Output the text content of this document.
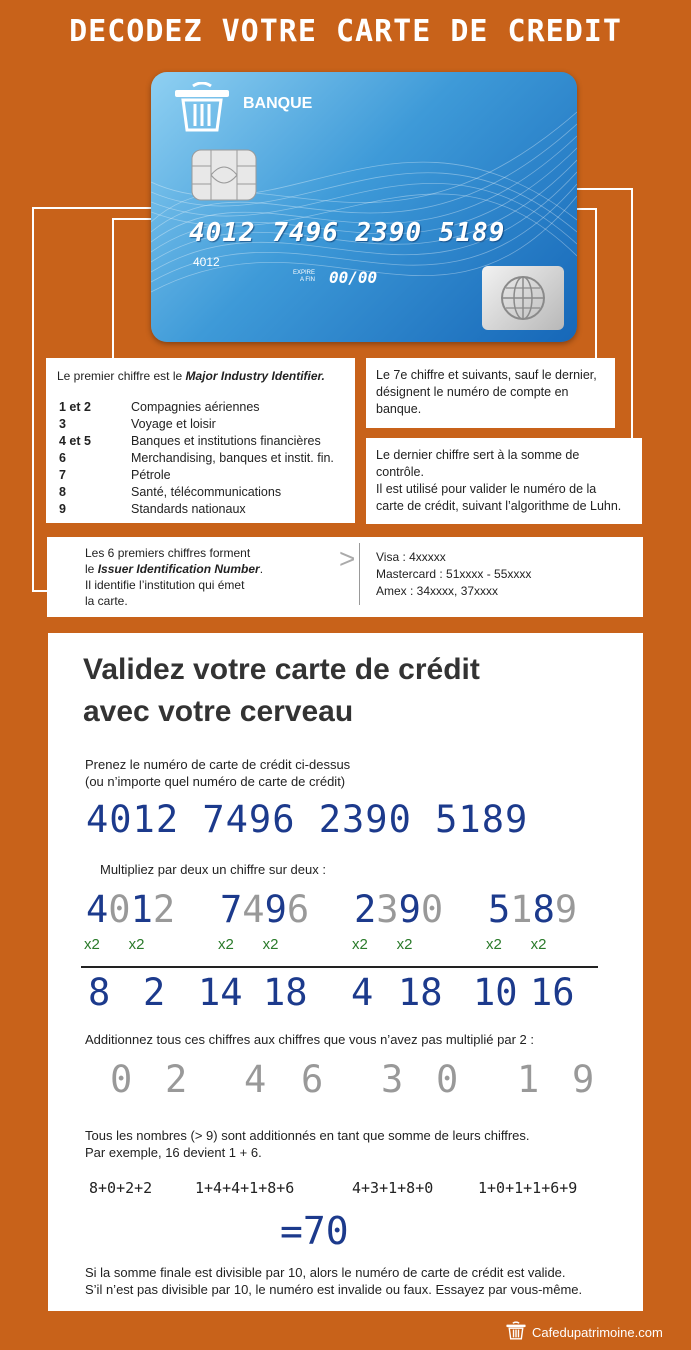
DECODEZ VOTRE CARTE DE CREDIT
BANQUE
4012 7496 2390 5189
4012
EXPIRE
A FIN 00/00
Le premier chiffre est le Major Industry Identifier.
1 et 2	Compagnies aériennes
3	Voyage et loisir
4 et 5	Banques et institutions financières
6	Merchandising, banques et instit. fin.
7	Pétrole
8	Santé, télécommunications
9	Standards nationaux

Le 7e chiffre et suivants, sauf le dernier,

désignent le numéro de compte en

banque.

Le dernier chiffre sert à la somme de

contrôle.

Il est utilisé pour valider le numéro de la

carte de crédit, suivant l’algorithme de Luhn.

Les 6 premiers chiffres forment
le Issuer Identification Number.
Il identifie l’institution qui émet
la carte.
> Visa : 4xxxxx
Mastercard : 51xxxx - 55xxxx
Amex : 34xxxx, 37xxxx
Validez votre carte de crédit
avec votre cerveau
Prenez le numéro de carte de crédit ci-dessus
(ou n’importe quel numéro de carte de crédit)
4012 7496 2390 5189
Multipliez par deux un chiffre sur deux :
4 0 1 2 7 4 9 6 2 3 9 0 5 1 8 9
x2 x2	x2 x2	x2 x2	x2 x2
8 2 14 18 4 18 10 16
Additionnez tous ces chiffres aux chiffres que vous n’avez pas multiplié par 2 :
0 2 4 6 3 0 1 9
Tous les nombres (> 9) sont additionnés en tant que somme de leurs chiffres.
Par exemple, 16 devient 1 + 6.
8+0+2+2	1+4+4+1+8+6	4+3+1+8+0	1+0+1+1+6+9
=70
Si la somme finale est divisible par 10, alors le numéro de carte de crédit est valide.
S’il n’est pas divisible par 10, le numéro est invalide ou faux. Essayez par vous-même.
Cafedupatrimoine.com
